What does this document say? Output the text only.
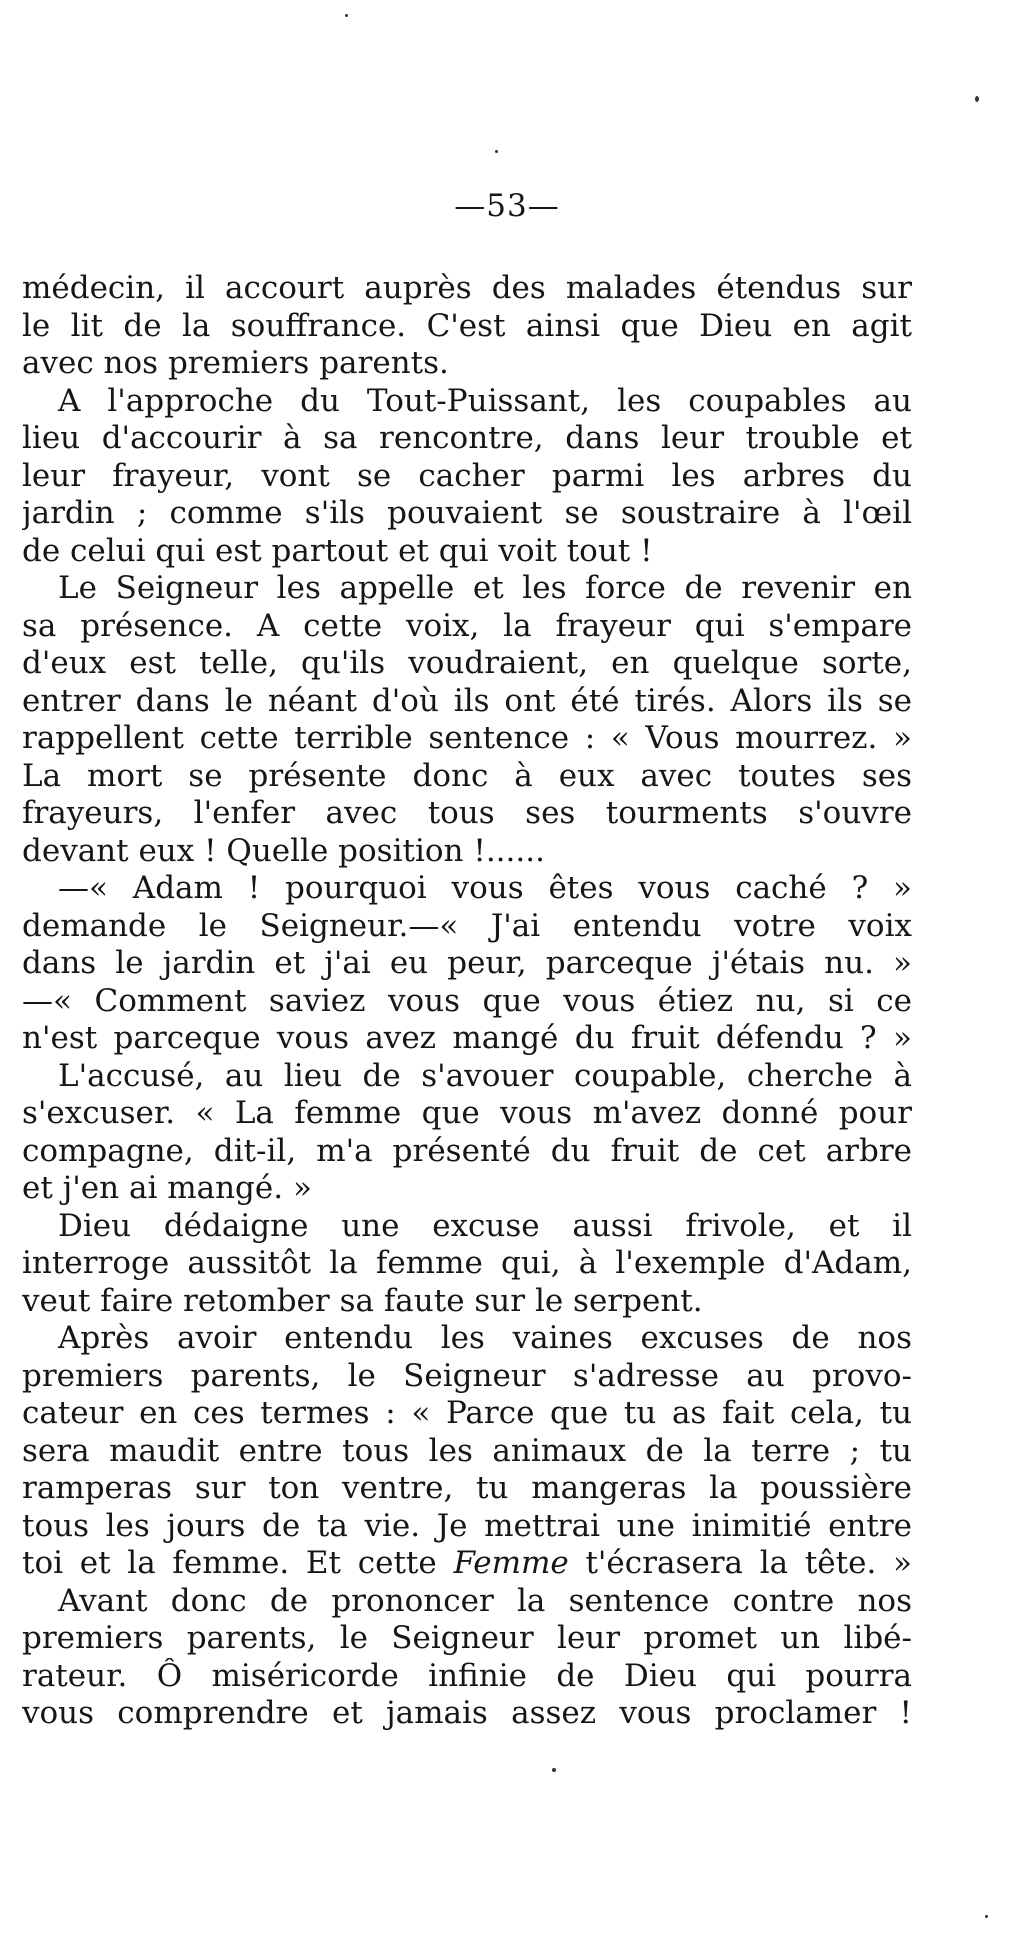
—53—
médecin, il accourt auprès des malades étendus sur
le lit de la souffrance. C'est ainsi que Dieu en agit
avec nos premiers parents.
A l'approche du Tout-Puissant, les coupables au
lieu d'accourir à sa rencontre, dans leur trouble et
leur frayeur, vont se cacher parmi les arbres du
jardin ; comme s'ils pouvaient se soustraire à l'œil
de celui qui est partout et qui voit tout !
Le Seigneur les appelle et les force de revenir en
sa présence. A cette voix, la frayeur qui s'empare
d'eux est telle, qu'ils voudraient, en quelque sorte,
entrer dans le néant d'où ils ont été tirés. Alors ils se
rappellent cette terrible sentence : « Vous mourrez. »
La mort se présente donc à eux avec toutes ses
frayeurs, l'enfer avec tous ses tourments s'ouvre
devant eux ! Quelle position !......
—« Adam ! pourquoi vous êtes vous caché ? »
demande le Seigneur.—« J'ai entendu votre voix
dans le jardin et j'ai eu peur, parceque j'étais nu. »
—« Comment saviez vous que vous étiez nu, si ce
n'est parceque vous avez mangé du fruit défendu ? »
L'accusé, au lieu de s'avouer coupable, cherche à
s'excuser. « La femme que vous m'avez donné pour
compagne, dit-il, m'a présenté du fruit de cet arbre
et j'en ai mangé. »
Dieu dédaigne une excuse aussi frivole, et il
interroge aussitôt la femme qui, à l'exemple d'Adam,
veut faire retomber sa faute sur le serpent.
Après avoir entendu les vaines excuses de nos
premiers parents, le Seigneur s'adresse au provo-
cateur en ces termes : « Parce que tu as fait cela, tu
sera maudit entre tous les animaux de la terre ; tu
ramperas sur ton ventre, tu mangeras la poussière
tous les jours de ta vie. Je mettrai une inimitié entre
toi et la femme. Et cette Femme t'écrasera la tête. »
Avant donc de prononcer la sentence contre nos
premiers parents, le Seigneur leur promet un libé-
rateur. Ô miséricorde infinie de Dieu qui pourra
vous comprendre et jamais assez vous proclamer !
